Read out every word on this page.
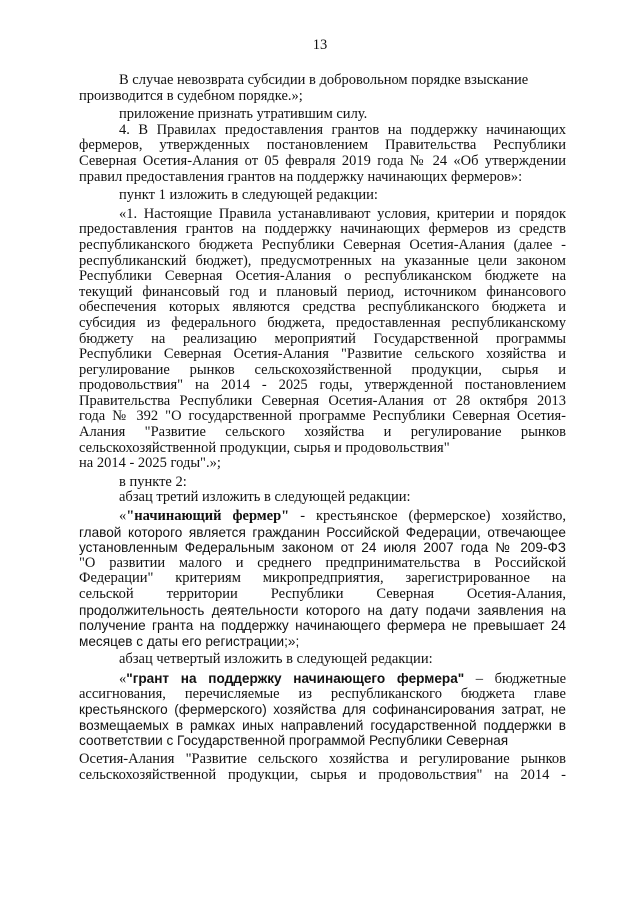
13
В случае невозврата субсидии в добровольном порядке взыскание
производится в судебном порядке.»;
приложение признать утратившим силу.
4. В Правилах предоставления грантов на поддержку начинающих
фермеров, утвержденных постановлением Правительства Республики
Северная Осетия-Алания от 05 февраля 2019 года № 24 «Об утверждении
правил предоставления грантов на поддержку начинающих фермеров»:
пункт 1 изложить в следующей редакции:
«1. Настоящие Правила устанавливают условия, критерии и порядок
предоставления грантов на поддержку начинающих фермеров из средств
республиканского бюджета Республики Северная Осетия-Алания (далее -
республиканский бюджет), предусмотренных на указанные цели законом
Республики Северная Осетия-Алания о республиканском бюджете на
текущий финансовый год и плановый период, источником финансового
обеспечения которых являются средства республиканского бюджета и
субсидия из федерального бюджета, предоставленная республиканскому
бюджету на реализацию мероприятий Государственной программы
Республики Северная Осетия-Алания "Развитие сельского хозяйства и
регулирование рынков сельскохозяйственной продукции, сырья и
продовольствия" на 2014 - 2025 годы, утвержденной постановлением
Правительства Республики Северная Осетия-Алания от 28 октября 2013
года № 392 "О государственной программе Республики Северная Осетия-
Алания "Развитие сельского хозяйства и регулирование рынков
сельскохозяйственной продукции, сырья и продовольствия"
на 2014 - 2025 годы".»;
в пункте 2:
абзац третий изложить в следующей редакции:
«"начинающий фермер" - крестьянское (фермерское) хозяйство,
главой которого является гражданин Российской Федерации, отвечающее
установленным Федеральным законом от 24 июля 2007 года № 209-ФЗ
"О развитии малого и среднего предпринимательства в Российской
Федерации" критериям микропредприятия, зарегистрированное на
сельской территории Республики Северная Осетия-Алания,
продолжительность деятельности которого на дату подачи заявления на
получение гранта на поддержку начинающего фермера не превышает 24
месяцев с даты его регистрации;»;
абзац четвертый изложить в следующей редакции:
«"грант на поддержку начинающего фермера" – бюджетные
ассигнования, перечисляемые из республиканского бюджета главе
крестьянского (фермерского) хозяйства для софинансирования затрат, не
возмещаемых в рамках иных направлений государственной поддержки в
соответствии с Государственной программой Республики Северная
Осетия-Алания "Развитие сельского хозяйства и регулирование рынков
сельскохозяйственной продукции, сырья и продовольствия" на 2014 -
